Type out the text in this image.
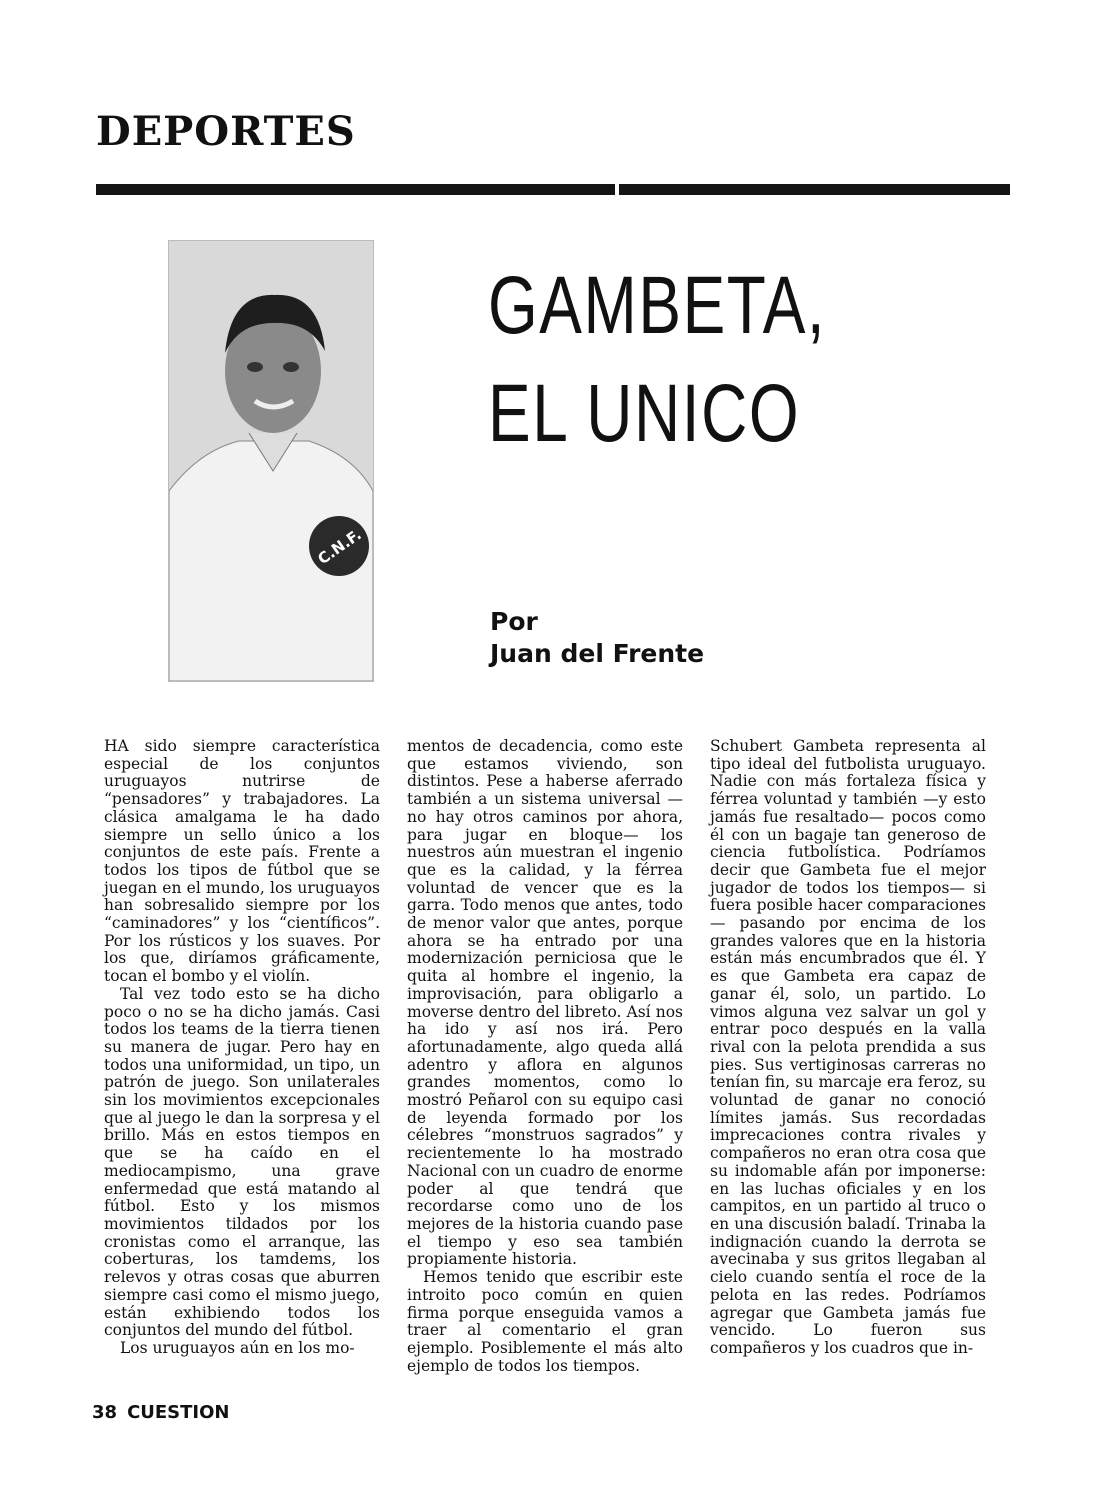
DEPORTES
C.N.F.
GAMBETA,
EL UNICO
Por
Juan del Frente

HA sido siempre característica especial de los conjuntos uruguayos nutrirse de “pensadores” y trabajadores. La clásica amalgama le ha dado siempre un sello único a los conjuntos de este país. Frente a todos los tipos de fútbol que se juegan en el mundo, los uruguayos han sobresalido siempre por los “caminadores” y los “científicos”. Por los rústicos y los suaves. Por los que, diríamos gráficamente, tocan el bombo y el violín.

Tal vez todo esto se ha dicho poco o no se ha dicho jamás. Casi todos los teams de la tierra tienen su manera de jugar. Pero hay en todos una uniformidad, un tipo, un patrón de juego. Son unilaterales sin los movimientos excepcionales que al juego le dan la sorpresa y el brillo. Más en estos tiempos en que se ha caído en el mediocampismo, una grave enfermedad que está matando al fútbol. Esto y los mismos movimientos tildados por los cronistas como el arranque, las coberturas, los tamdems, los relevos y otras cosas que aburren siempre casi como el mismo juego, están exhibiendo todos los conjuntos del mundo del fútbol.

Los uruguayos aún en los mo-

mentos de decadencia, como este que estamos viviendo, son distintos. Pese a haberse aferrado también a un sistema universal —no hay otros caminos por ahora, para jugar en bloque— los nuestros aún muestran el ingenio que es la calidad, y la férrea voluntad de vencer que es la garra. Todo menos que antes, todo de menor valor que antes, porque ahora se ha entrado por una modernización perniciosa que le quita al hombre el ingenio, la improvisación, para obligarlo a moverse dentro del libreto. Así nos ha ido y así nos irá. Pero afortunadamente, algo queda allá adentro y aflora en algunos grandes momentos, como lo mostró Peñarol con su equipo casi de leyenda formado por los célebres “monstruos sagrados” y recientemente lo ha mostrado Nacional con un cuadro de enorme poder al que tendrá que recordarse como uno de los mejores de la historia cuando pase el tiempo y eso sea también propiamente historia.

Hemos tenido que escribir este introito poco común en quien firma porque enseguida vamos a traer al comentario el gran ejemplo. Posiblemente el más alto ejemplo de todos los tiempos.

Schubert Gambeta representa al tipo ideal del futbolista uruguayo. Nadie con más fortaleza física y férrea voluntad y también —y esto jamás fue resaltado— pocos como él con un bagaje tan generoso de ciencia futbolística. Podríamos decir que Gambeta fue el mejor jugador de todos los tiempos— si fuera posible hacer comparaciones— pasando por encima de los grandes valores que en la historia están más encumbrados que él. Y es que Gambeta era capaz de ganar él, solo, un partido. Lo vimos alguna vez salvar un gol y entrar poco después en la valla rival con la pelota prendida a sus pies. Sus vertiginosas carreras no tenían fin, su marcaje era feroz, su voluntad de ganar no conoció límites jamás. Sus recordadas imprecaciones contra rivales y compañeros no eran otra cosa que su indomable afán por imponerse: en las luchas oficiales y en los campitos, en un partido al truco o en una discusión baladí. Trinaba la indignación cuando la derrota se avecinaba y sus gritos llegaban al cielo cuando sentía el roce de la pelota en las redes. Podríamos agregar que Gambeta jamás fue vencido. Lo fueron sus compañeros y los cuadros que in-

38 CUESTION
